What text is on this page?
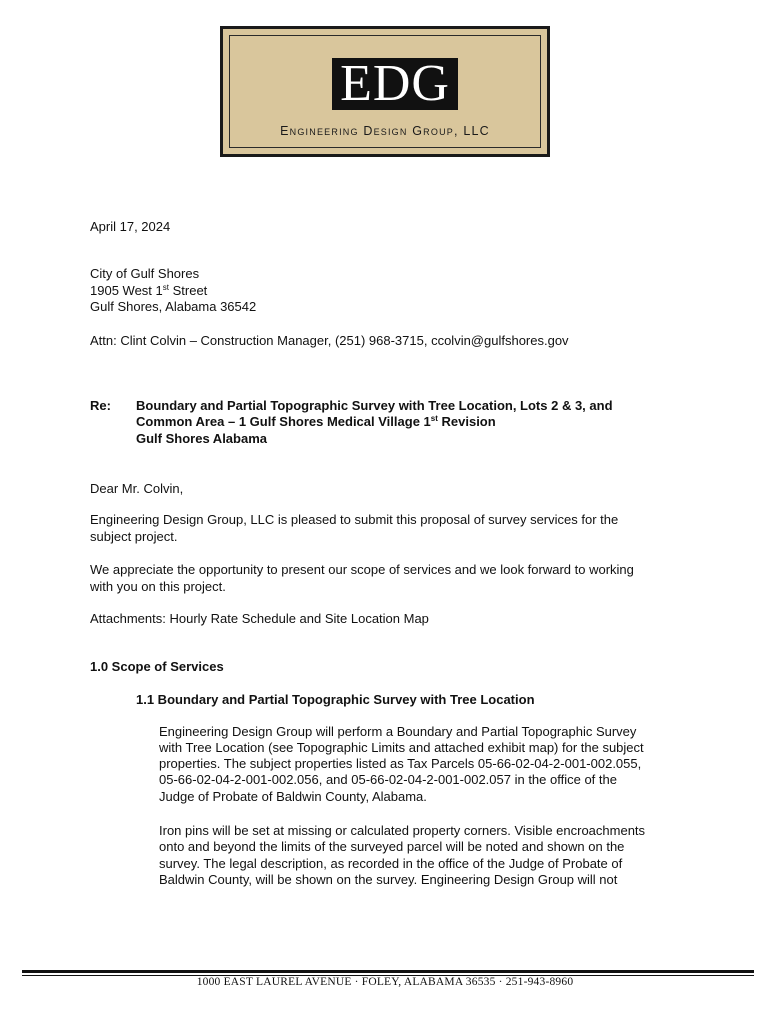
EDG
Engineering Design Group, LLC
April 17, 2024
City of Gulf Shores
1905 West 1st Street
Gulf Shores, Alabama 36542
Attn: Clint Colvin – Construction Manager, (251) 968-3715, ccolvin@gulfshores.gov
Re: Boundary and Partial Topographic Survey with Tree Location, Lots 2 & 3, and
Common Area – 1 Gulf Shores Medical Village 1st Revision
Gulf Shores Alabama
Dear Mr. Colvin,
Engineering Design Group, LLC is pleased to submit this proposal of survey services for the
subject project.
We appreciate the opportunity to present our scope of services and we look forward to working
with you on this project.
Attachments: Hourly Rate Schedule and Site Location Map
1.0 Scope of Services
1.1 Boundary and Partial Topographic Survey with Tree Location
Engineering Design Group will perform a Boundary and Partial Topographic Survey
with Tree Location (see Topographic Limits and attached exhibit map) for the subject
properties. The subject properties listed as Tax Parcels 05-66-02-04-2-001-002.055,
05-66-02-04-2-001-002.056, and 05-66-02-04-2-001-002.057 in the office of the
Judge of Probate of Baldwin County, Alabama.
Iron pins will be set at missing or calculated property corners. Visible encroachments
onto and beyond the limits of the surveyed parcel will be noted and shown on the
survey. The legal description, as recorded in the office of the Judge of Probate of
Baldwin County, will be shown on the survey. Engineering Design Group will not
1000 EAST LAUREL AVENUE · FOLEY, ALABAMA 36535 · 251-943-8960
